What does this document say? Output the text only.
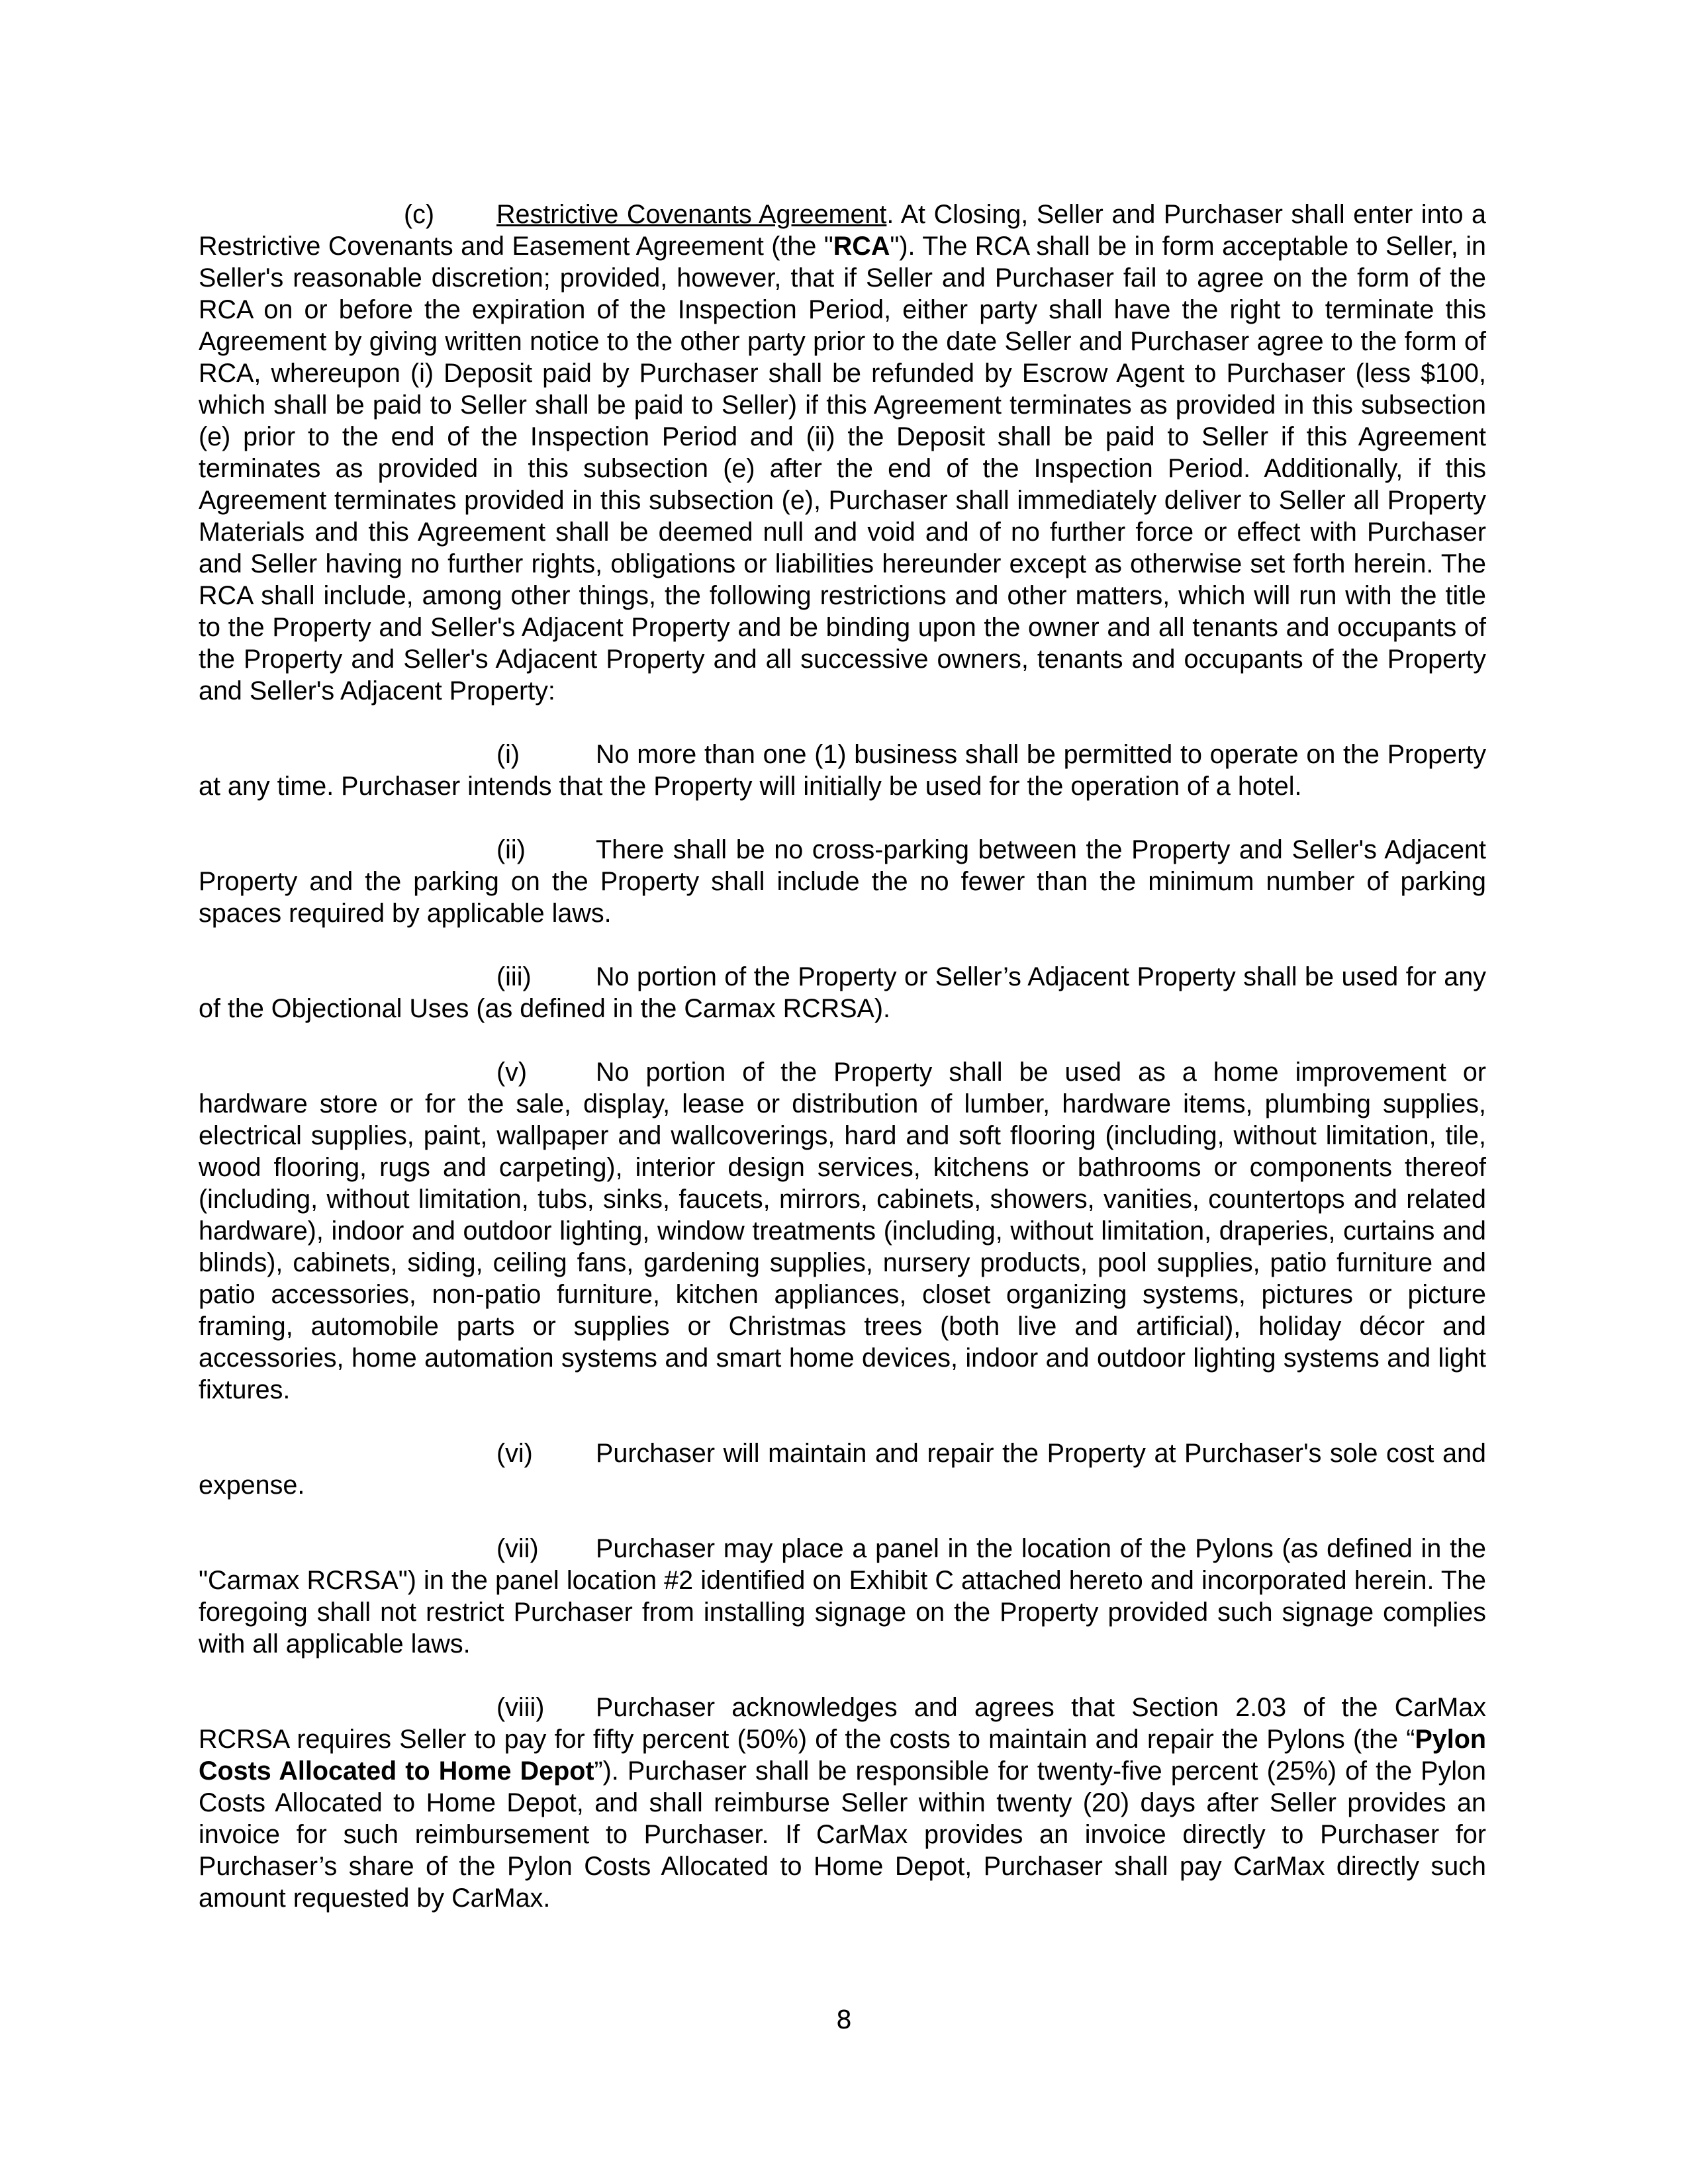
(c) Restrictive Covenants Agreement. At Closing, Seller and Purchaser shall enter into a Restrictive Covenants and Easement Agreement (the "RCA"). The RCA shall be in form acceptable to Seller, in Seller's reasonable discretion; provided, however, that if Seller and Purchaser fail to agree on the form of the RCA on or before the expiration of the Inspection Period, either party shall have the right to terminate this Agreement by giving written notice to the other party prior to the date Seller and Purchaser agree to the form of RCA, whereupon (i) Deposit paid by Purchaser shall be refunded by Escrow Agent to Purchaser (less $100, which shall be paid to Seller shall be paid to Seller) if this Agreement terminates as provided in this subsection (e) prior to the end of the Inspection Period and (ii) the Deposit shall be paid to Seller if this Agreement terminates as provided in this subsection (e) after the end of the Inspection Period. Additionally, if this Agreement terminates provided in this subsection (e), Purchaser shall immediately deliver to Seller all Property Materials and this Agreement shall be deemed null and void and of no further force or effect with Purchaser and Seller having no further rights, obligations or liabilities hereunder except as otherwise set forth herein. The RCA shall include, among other things, the following restrictions and other matters, which will run with the title to the Property and Seller's Adjacent Property and be binding upon the owner and all tenants and occupants of the Property and Seller's Adjacent Property and all successive owners, tenants and occupants of the Property and Seller's Adjacent Property:

(i)	No more than one (1) business shall be permitted to operate on the Property at any time. Purchaser intends that the Property will initially be used for the operation of a hotel.

(ii)	There shall be no cross-parking between the Property and Seller's Adjacent Property and the parking on the Property shall include the no fewer than the minimum number of parking spaces required by applicable laws.

(iii) No portion of the Property or Seller’s Adjacent Property shall be used for any of the Objectional Uses (as defined in the Carmax RCRSA).

(v)	No portion of the Property shall be used as a home improvement or hardware store or for the sale, display, lease or distribution of lumber, hardware items, plumbing supplies, electrical supplies, paint, wallpaper and wallcoverings, hard and soft flooring (including, without limitation, tile, wood flooring, rugs and carpeting), interior design services, kitchens or bathrooms or components thereof (including, without limitation, tubs, sinks, faucets, mirrors, cabinets, showers, vanities, countertops and related hardware), indoor and outdoor lighting, window treatments (including, without limitation, draperies, curtains and blinds), cabinets, siding, ceiling fans, gardening supplies, nursery products, pool supplies, patio furniture and patio accessories, non-patio furniture, kitchen appliances, closet organizing systems, pictures or picture framing, automobile parts or supplies or Christmas trees (both live and artificial), holiday décor and accessories, home automation systems and smart home devices, indoor and outdoor lighting systems and light fixtures.

(vi) Purchaser will maintain and repair the Property at Purchaser's sole cost and expense.

(vii) Purchaser may place a panel in the location of the Pylons (as defined in the "Carmax RCRSA") in the panel location #2 identified on Exhibit C attached hereto and incorporated herein. The foregoing shall not restrict Purchaser from installing signage on the Property provided such signage complies with all applicable laws.

(viii) Purchaser acknowledges and agrees that Section 2.03 of the CarMax RCRSA requires Seller to pay for fifty percent (50%) of the costs to maintain and repair the Pylons (the “Pylon Costs Allocated to Home Depot”). Purchaser shall be responsible for twenty-five percent (25%) of the Pylon Costs Allocated to Home Depot, and shall reimburse Seller within twenty (20) days after Seller provides an invoice for such reimbursement to Purchaser. If CarMax provides an invoice directly to Purchaser for Purchaser’s share of the Pylon Costs Allocated to Home Depot, Purchaser shall pay CarMax directly such amount requested by CarMax.

8
